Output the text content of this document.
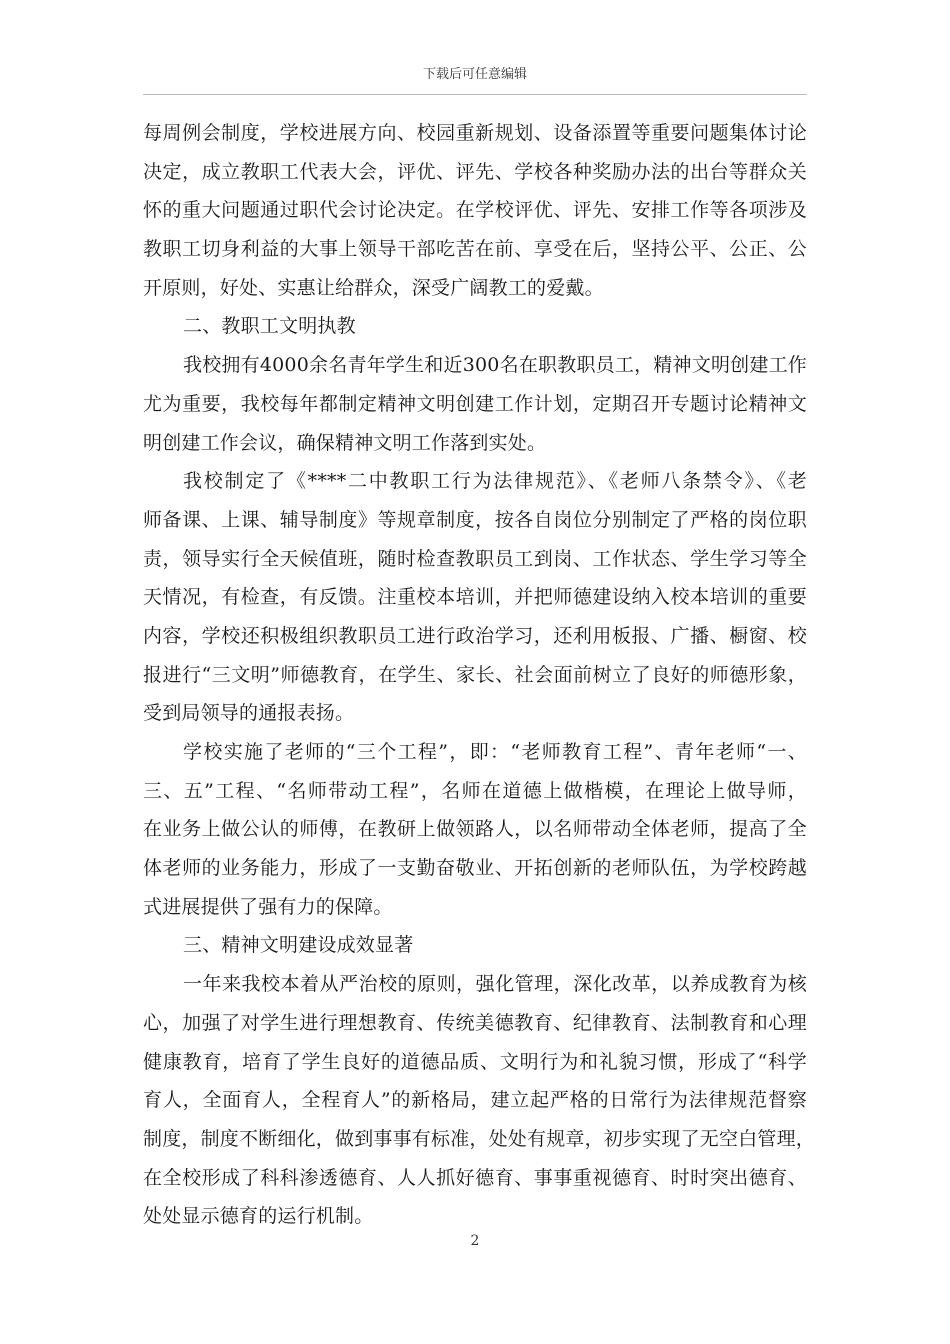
下载后可任意编辑
每周例会制度，学校进展方向、校园重新规划、设备添置等重要问题集体讨论
决定，成立教职工代表大会，评优、评先、学校各种奖励办法的出台等群众关
怀的重大问题通过职代会讨论决定。在学校评优、评先、安排工作等各项涉及
教职工切身利益的大事上领导干部吃苦在前、享受在后，坚持公平、公正、公
开原则，好处、实惠让给群众，深受广阔教工的爱戴。
二、教职工文明执教
我校拥有4000余名青年学生和近300名在职教职员工，精神文明创建工作
尤为重要，我校每年都制定精神文明创建工作计划，定期召开专题讨论精神文
明创建工作会议，确保精神文明工作落到实处。
我校制定了《****二中教职工行为法律规范》、《老师八条禁令》、《老
师备课、上课、辅导制度》等规章制度，按各自岗位分别制定了严格的岗位职
责，领导实行全天候值班，随时检查教职员工到岗、工作状态、学生学习等全
天情况，有检查，有反馈。注重校本培训，并把师德建设纳入校本培训的重要
内容，学校还积极组织教职员工进行政治学习，还利用板报、广播、橱窗、校
报进行“三文明”师德教育，在学生、家长、社会面前树立了良好的师德形象，
受到局领导的通报表扬。
学校实施了老师的“三个工程”，即：“老师教育工程”、青年老师“一、
三、五”工程、“名师带动工程”，名师在道德上做楷模，在理论上做导师，
在业务上做公认的师傅，在教研上做领路人，以名师带动全体老师，提高了全
体老师的业务能力，形成了一支勤奋敬业、开拓创新的老师队伍，为学校跨越
式进展提供了强有力的保障。
三、精神文明建设成效显著
一年来我校本着从严治校的原则，强化管理，深化改革，以养成教育为核
心，加强了对学生进行理想教育、传统美德教育、纪律教育、法制教育和心理
健康教育，培育了学生良好的道德品质、文明行为和礼貌习惯，形成了“科学
育人，全面育人，全程育人”的新格局，建立起严格的日常行为法律规范督察
制度，制度不断细化，做到事事有标准，处处有规章，初步实现了无空白管理，
在全校形成了科科渗透德育、人人抓好德育、事事重视德育、时时突出德育、
处处显示德育的运行机制。
2
